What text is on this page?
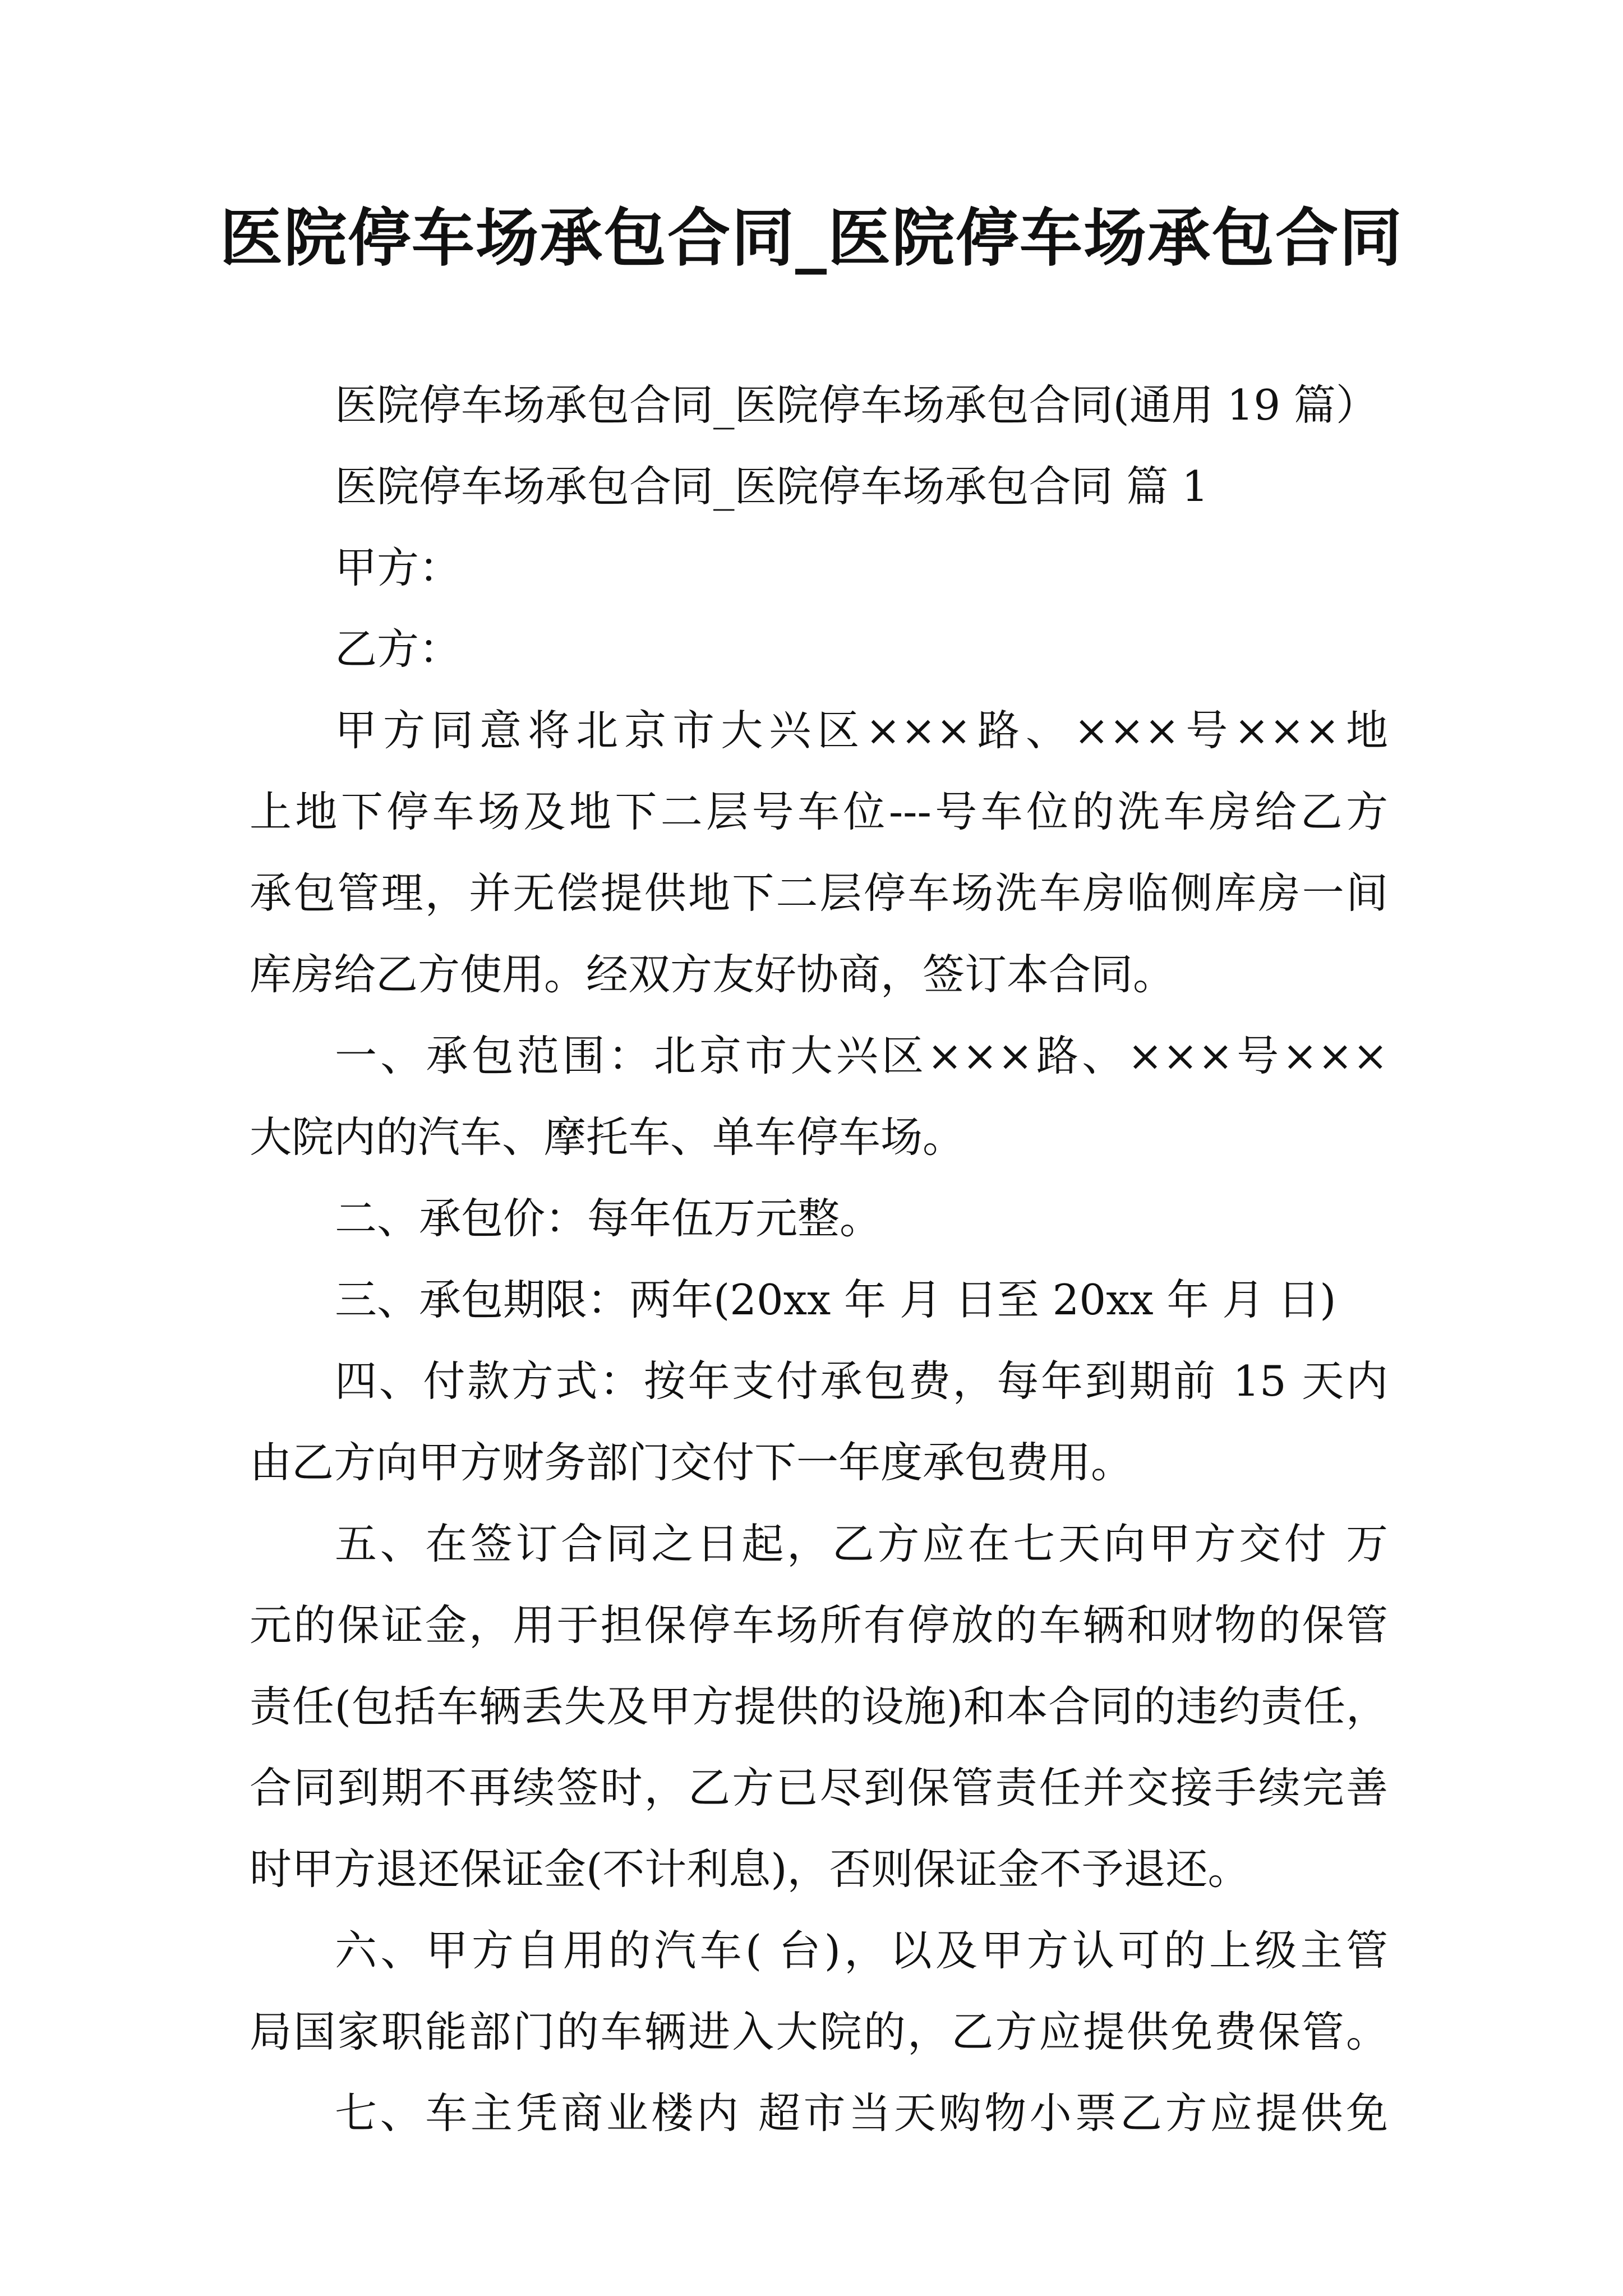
医院停车场承包合同_医院停车场承包合同
医院停车场承包合同_医院停车场承包合同(通用 19 篇）
医院停车场承包合同_医院停车场承包合同 篇 1
甲方：
乙方：
甲方同意将北京市大兴区×××路、×××号×××地
上地下停车场及地下二层号车位---号车位的洗车房给乙方
承包管理，并无偿提供地下二层停车场洗车房临侧库房一间
库房给乙方使用。经双方友好协商，签订本合同。
一、承包范围：北京市大兴区×××路、×××号×××
大院内的汽车、摩托车、单车停车场。
二、承包价：每年伍万元整。
三、承包期限：两年(20xx 年 月 日至 20xx 年 月 日)
四、付款方式：按年支付承包费，每年到期前 15 天内
由乙方向甲方财务部门交付下一年度承包费用。
五、在签订合同之日起，乙方应在七天向甲方交付 万
元的保证金，用于担保停车场所有停放的车辆和财物的保管
责任(包括车辆丢失及甲方提供的设施)和本合同的违约责任，
合同到期不再续签时，乙方已尽到保管责任并交接手续完善
时甲方退还保证金(不计利息)，否则保证金不予退还。
六、甲方自用的汽车( 台)，以及甲方认可的上级主管
局国家职能部门的车辆进入大院的，乙方应提供免费保管。
七、车主凭商业楼内 超市当天购物小票乙方应提供免
